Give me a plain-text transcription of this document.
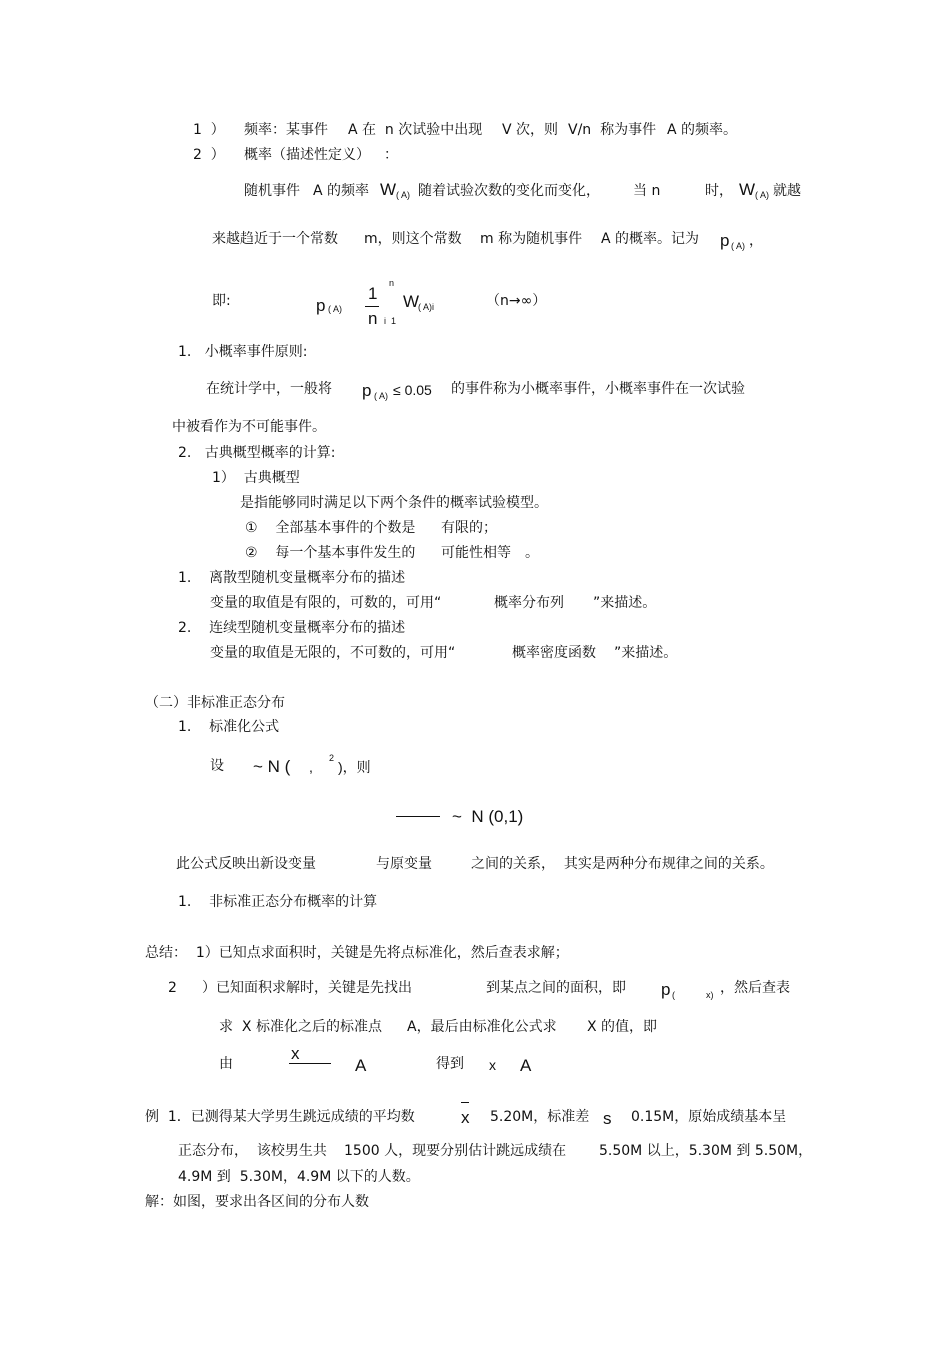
1  ） 频率：某事件 A 在  n 次试验中出现 V 次，则 V/n  称为事件 A 的频率。
2  ） 概率（描述性定义） ：
随机事件 A 的频率 W ( A) 随着试验次数的变化而变化， 当 n	时， W ( A) 就越
来越趋近于一个常数 m，则这个常数 m 称为随机事件 A 的概率。记为 p ( A) ，
即:	p ( A)
1
n
n
i  1
W
( A)i	（n→∞）
1.   小概率事件原则:
在统计学中，一般将 p ( A) ≤ 0.05 的事件称为小概率事件，小概率事件在一次试验
中被看作为不可能事件。
2.   古典概型概率的计算:
1）  古典概型
是指能够同时满足以下两个条件的概率试验模型。
①    全部基本事件的个数是 有限的；
②    每一个基本事件发生的 可能性相等 。
1.    离散型随机变量概率分布的描述
变量的取值是有限的，可数的，可用“	概率分布列 ”来描述。
2.    连续型随机变量概率分布的描述
变量的取值是无限的，不可数的，可用“	概率密度函数 ”来描述。
（二）非标准正态分布
1.    标准化公式
设 ~ N ( ,
2
)，则
~  N (0,1)
此公式反映出新设变量	与原变量	之间的关系，  其实是两种分布规律之间的关系。
1.    非标准正态分布概率的计算
总结：  1）已知点求面积时，关键是先将点标准化，然后查表求解；
2 ）已知面积求解时，关键是先找出	到某点之间的面积，即 p (	x) ，然后查表
求  X 标准化之后的标准点 A，最后由标准化公式求 X 的值，即
由
x
A	得到 x A
例  1．已测得某大学男生跳远成绩的平均数	x 5.20M，标准差 s 0.15M，原始成绩基本呈
正态分布，  该校男生共 1500 人，现要分别估计跳远成绩在 5.50M 以上，5.30M 到 5.50M，
4.9M 到  5.30M，4.9M 以下的人数。
解：如图，要求出各区间的分布人数
